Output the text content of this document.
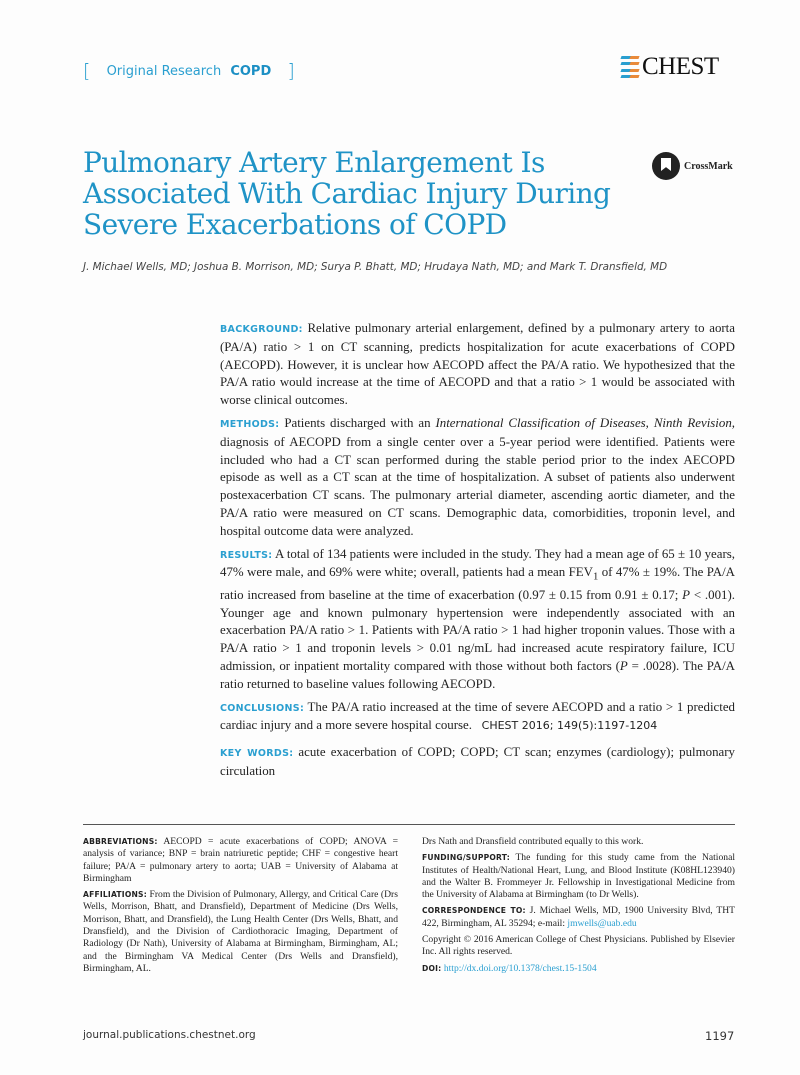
[ Original Research COPD ]	CHEST
Pulmonary Artery Enlargement Is Associated With Cardiac Injury During Severe Exacerbations of COPD
CrossMark
J. Michael Wells, MD; Joshua B. Morrison, MD; Surya P. Bhatt, MD; Hrudaya Nath, MD; and Mark T. Dransfield, MD

BACKGROUND: Relative pulmonary arterial enlargement, defined by a pulmonary artery to aorta (PA/A) ratio > 1 on CT scanning, predicts hospitalization for acute exacerbations of COPD (AECOPD). However, it is unclear how AECOPD affect the PA/A ratio. We hypothesized that the PA/A ratio would increase at the time of AECOPD and that a ratio > 1 would be associated with worse clinical outcomes.

METHODS: Patients discharged with an International Classification of Diseases, Ninth Revision, diagnosis of AECOPD from a single center over a 5-year period were identified. Patients were included who had a CT scan performed during the stable period prior to the index AECOPD episode as well as a CT scan at the time of hospitalization. A subset of patients also underwent postexacerbation CT scans. The pulmonary arterial diameter, ascending aortic diameter, and the PA/A ratio were measured on CT scans. Demographic data, comorbidities, troponin level, and hospital outcome data were analyzed.

RESULTS: A total of 134 patients were included in the study. They had a mean age of 65 ± 10 years, 47% were male, and 69% were white; overall, patients had a mean $FEV_1$ of 47% ± 19%. The PA/A ratio increased from baseline at the time of exacerbation (0.97 ± 0.15 from 0.91 ± 0.17; P < .001). Younger age and known pulmonary hypertension were independently associated with an exacerbation PA/A ratio > 1. Patients with PA/A ratio > 1 had higher troponin values. Those with a PA/A ratio > 1 and troponin levels > 0.01 ng/mL had increased acute respiratory failure, ICU admission, or inpatient mortality compared with those without both factors (P = .0028). The PA/A ratio returned to baseline values following AECOPD.

CONCLUSIONS: The PA/A ratio increased at the time of severe AECOPD and a ratio > 1 predicted cardiac injury and a more severe hospital course. CHEST 2016; 149(5):1197-1204

KEY WORDS: acute exacerbation of COPD; COPD; CT scan; enzymes (cardiology); pulmonary circulation

ABBREVIATIONS: AECOPD = acute exacerbations of COPD; ANOVA = analysis of variance; BNP = brain natriuretic peptide; CHF = congestive heart failure; PA/A = pulmonary artery to aorta; UAB = University of Alabama at Birmingham

AFFILIATIONS: From the Division of Pulmonary, Allergy, and Critical Care (Drs Wells, Morrison, Bhatt, and Dransfield), Department of Medicine (Drs Wells, Morrison, Bhatt, and Dransfield), the Lung Health Center (Drs Wells, Bhatt, and Dransfield), and the Division of Cardiothoracic Imaging, Department of Radiology (Dr Nath), University of Alabama at Birmingham, Birmingham, AL; and the Birmingham VA Medical Center (Drs Wells and Dransfield), Birmingham, AL.

Drs Nath and Dransfield contributed equally to this work.

FUNDING/SUPPORT: The funding for this study came from the National Institutes of Health/National Heart, Lung, and Blood Institute (K08HL123940) and the Walter B. Frommeyer Jr. Fellowship in Investigational Medicine from the University of Alabama at Birmingham (to Dr Wells).

CORRESPONDENCE TO: J. Michael Wells, MD, 1900 University Blvd, THT 422, Birmingham, AL 35294; e-mail: jmwells@uab.edu

Copyright © 2016 American College of Chest Physicians. Published by Elsevier Inc. All rights reserved.

DOI: http://dx.doi.org/10.1378/chest.15-1504

journal.publications.chestnet.org	1197
